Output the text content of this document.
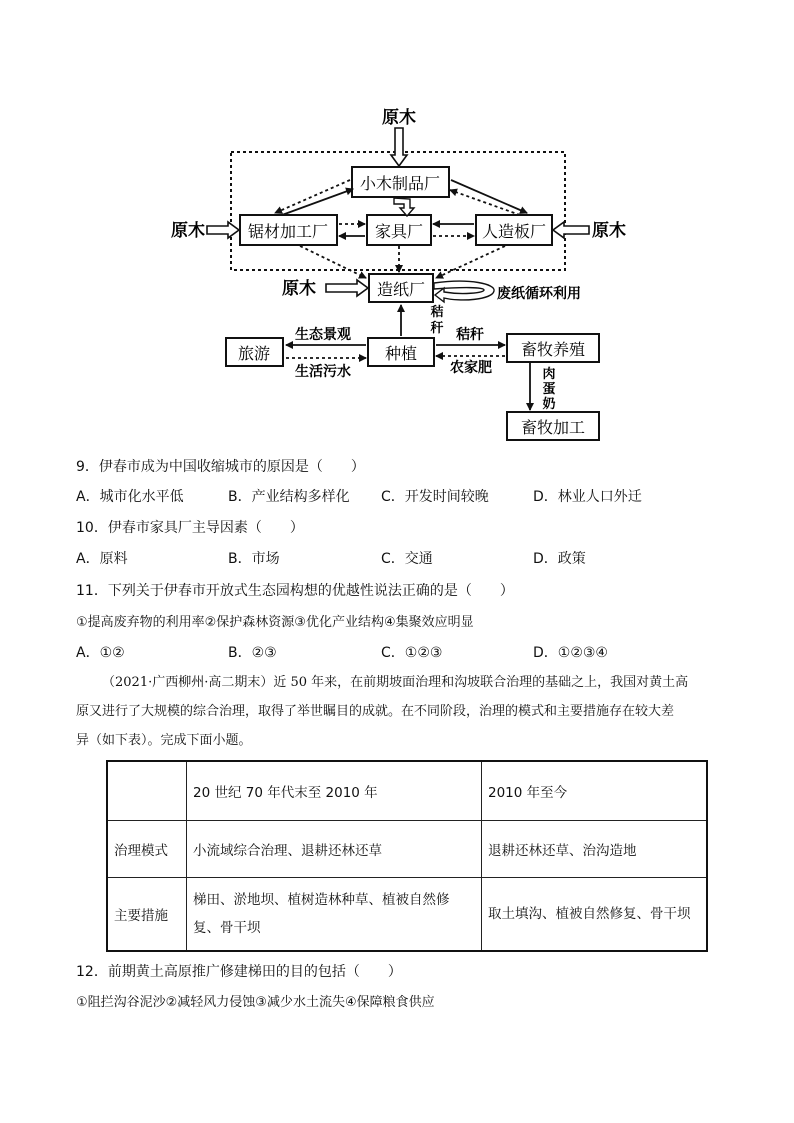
原木
小木制品厂
锯材加工厂	家具厂	人造板厂
造纸厂
旅游	种植	畜牧养殖
畜牧加工
原木	原木
原木	废纸循环利用
秸
秆
生态景观
生活污水
秸秆
农家肥	肉
蛋
奶
9．伊春市成为中国收缩城市的原因是（　　）
A．城市化水平低	B．产业结构多样化 C．开发时间较晚	D．林业人口外迁
10．伊春市家具厂主导因素（　　）
A．原料	B．市场	C．交通	D．政策
11．下列关于伊春市开放式生态园构想的优越性说法正确的是（　　）
①提高废弃物的利用率②保护森林资源③优化产业结构④集聚效应明显
A．①②	B．②③	C．①②③	D．①②③④
（2021·广西柳州·高二期末）近 50 年来，在前期坡面治理和沟坡联合治理的基础之上，我国对黄土高
原又进行了大规模的综合治理，取得了举世瞩目的成就。在不同阶段，治理的模式和主要措施存在较大差
异（如下表）。完成下面小题。
	20 世纪 70 年代末至 2010 年	2010 年至今
治理模式	小流域综合治理、退耕还林还草	退耕还林还草、治沟造地
主要措施	梯田、淤地坝、植树造林种草、植被自然修复、骨干坝	取土填沟、植被自然修复、骨干坝
12．前期黄土高原推广修建梯田的目的包括（　　）
①阻拦沟谷泥沙②减轻风力侵蚀③减少水土流失④保障粮食供应
